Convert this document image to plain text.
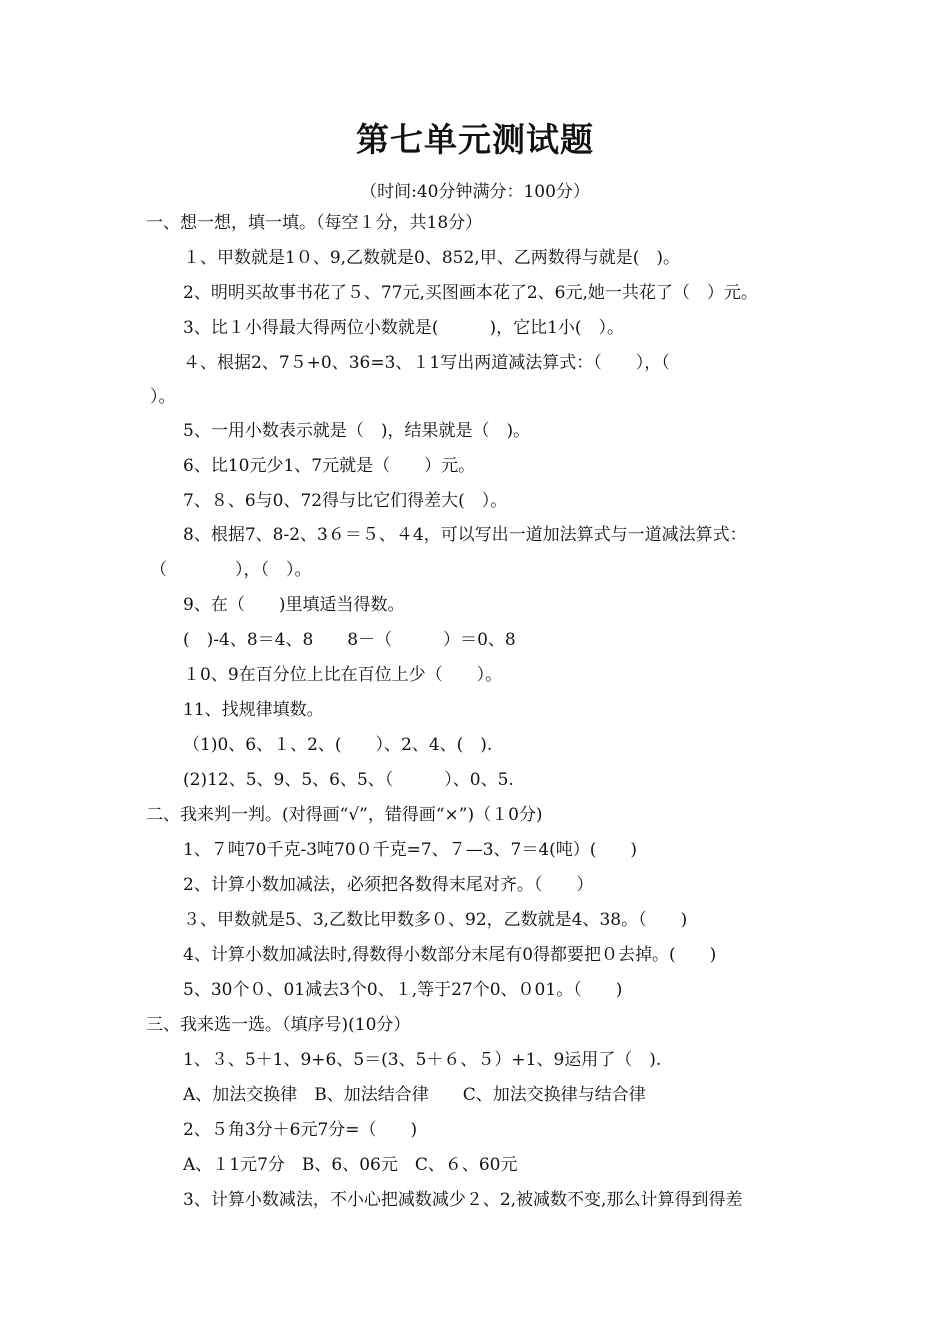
第七单元测试题
（时间:40分钟满分：100分）
一、想一想，填一填。（每空１分，共18分）
１、甲数就是1０、9,乙数就是0、852,甲、乙两数得与就是(　)。
2、明明买故事书花了５、77元,买图画本花了2、6元,她一共花了（　）元。
3、比１小得最大得两位小数就是(　　　)，它比1小(　）。
４、根据2、7５+0、36=3、１1写出两道减法算式：（　　），（
）。
5、一用小数表示就是（　)，结果就是（　)。
6、比10元少1、7元就是（　　）元。
7、８、6与0、72得与比它们得差大(　）。
8、根据7、8-2、3６＝５、４4，可以写出一道加法算式与一道减法算式：
（　　　　），（　）。
9、在（　　)里填适当得数。
(　)-4、8＝4、8　　8－（　　　）＝0、8
１0、9在百分位上比在百位上少（　　）。
11、找规律填数。
（1)0、6、１、2、(　　）、2、4、(　).
(2)12、5、9、5、6、5、（　　　）、0、5.
二、我来判一判。(对得画“√”，错得画“×”)（１0分)
1、７吨70千克-3吨70０千克=7、７—3、7＝4(吨）(　　)
2、计算小数加减法，必须把各数得末尾对齐。（　　）
３、甲数就是5、3,乙数比甲数多０、92，乙数就是4、38。（　　)
4、计算小数加减法时,得数得小数部分末尾有0得都要把０去掉。(　　)
5、30个０、01减去3个0、１,等于27个0、０01。（　　)
三、我来选一选。（填序号)(10分）
1、３、5＋1、9+6、5＝(3、5＋６、５）+1、9运用了（　).
A、加法交换律　B、加法结合律　　C、加法交换律与结合律
2、５角3分＋6元7分=（　　)
A、１1元7分　B、6、06元　C、６、60元
3、计算小数减法，不小心把减数减少２、2,被减数不变,那么计算得到得差
